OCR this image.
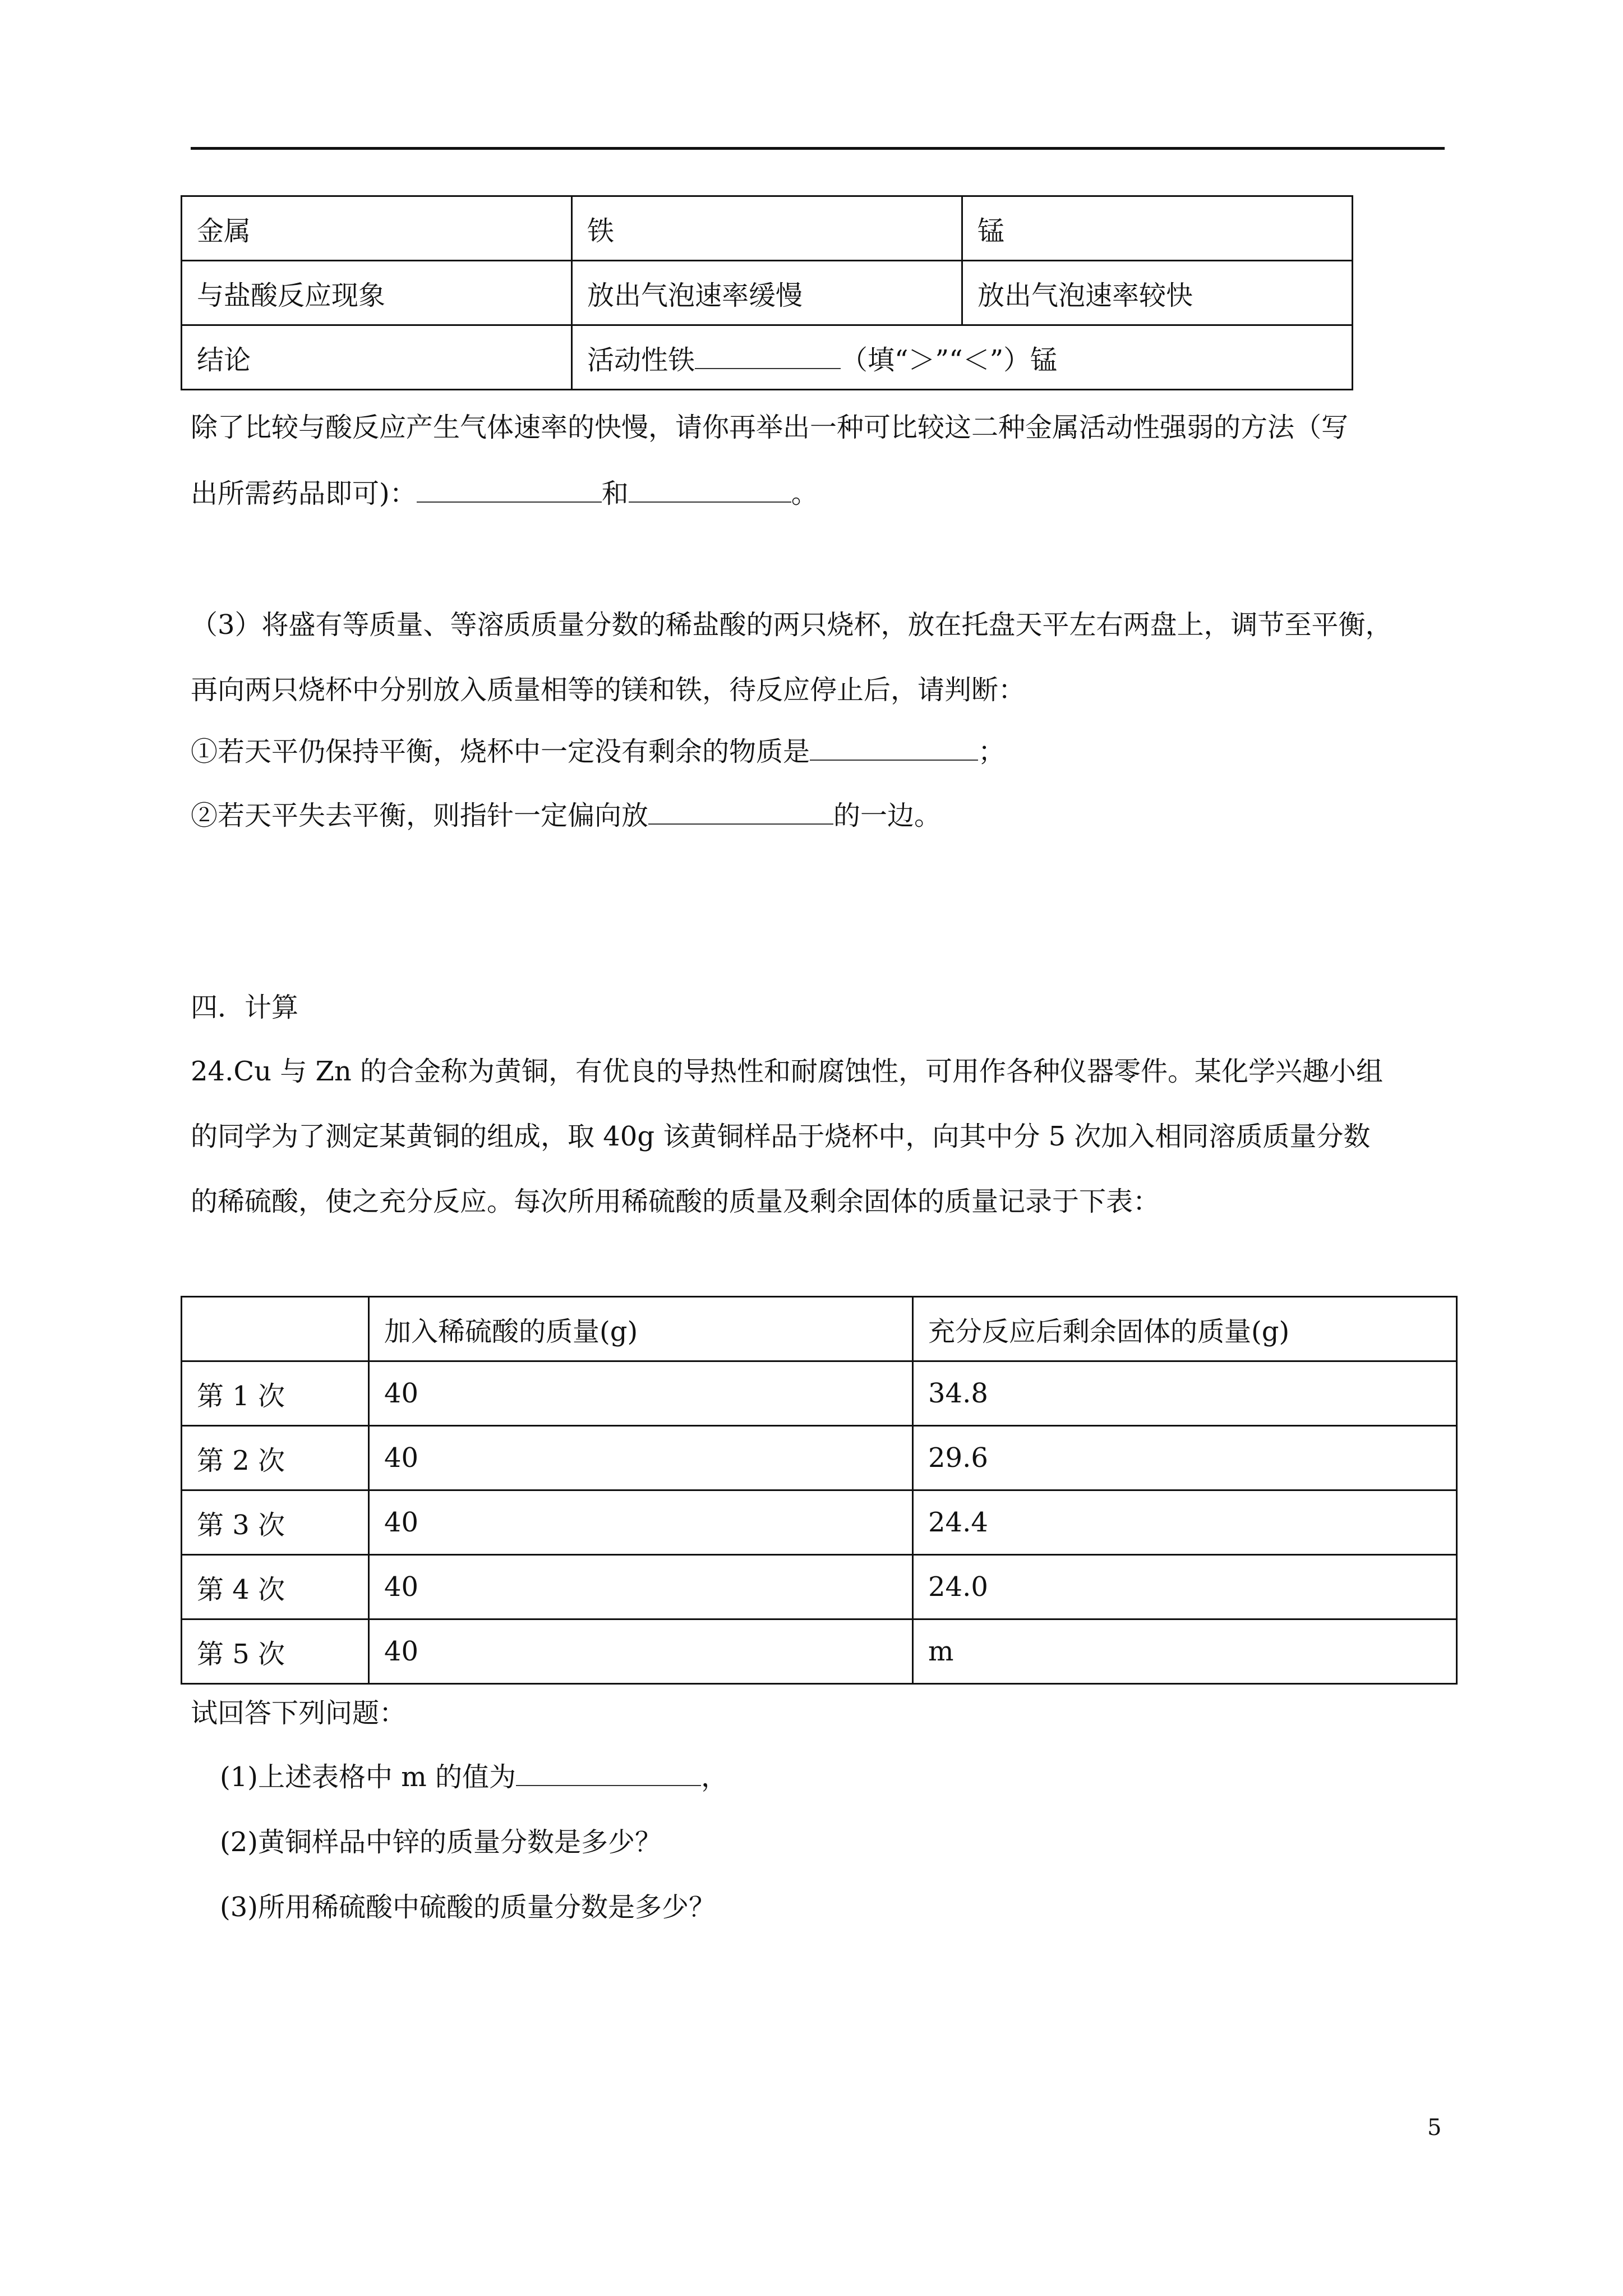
金属	铁	锰
与盐酸反应现象	放出气泡速率缓慢	放出气泡速率较快
结论	活动性铁 （填“＞”“＜”）锰	
除了比较与酸反应产生气体速率的快慢，请你再举出一种可比较这二种金属活动性强弱的方法（写
出所需药品即可)：	和	。
（3）将盛有等质量、等溶质质量分数的稀盐酸的两只烧杯，放在托盘天平左右两盘上，调节至平衡，
再向两只烧杯中分别放入质量相等的镁和铁，待反应停止后，请判断：
①若天平仍保持平衡，烧杯中一定没有剩余的物质是	；
②若天平失去平衡，则指针一定偏向放	的一边。
四．计算
24.Cu 与 Zn 的合金称为黄铜，有优良的导热性和耐腐蚀性，可用作各种仪器零件。某化学兴趣小组
的同学为了测定某黄铜的组成，取 40g 该黄铜样品于烧杯中，向其中分 5 次加入相同溶质质量分数
的稀硫酸，使之充分反应。每次所用稀硫酸的质量及剩余固体的质量记录于下表：
	加入稀硫酸的质量(g)	充分反应后剩余固体的质量(g)
第 1 次	40	34.8
第 2 次	40	29.6
第 3 次	40	24.4
第 4 次	40	24.0
第 5 次	40	m
试回答下列问题：
(1)上述表格中 m 的值为	，
(2)黄铜样品中锌的质量分数是多少？
(3)所用稀硫酸中硫酸的质量分数是多少？
5
